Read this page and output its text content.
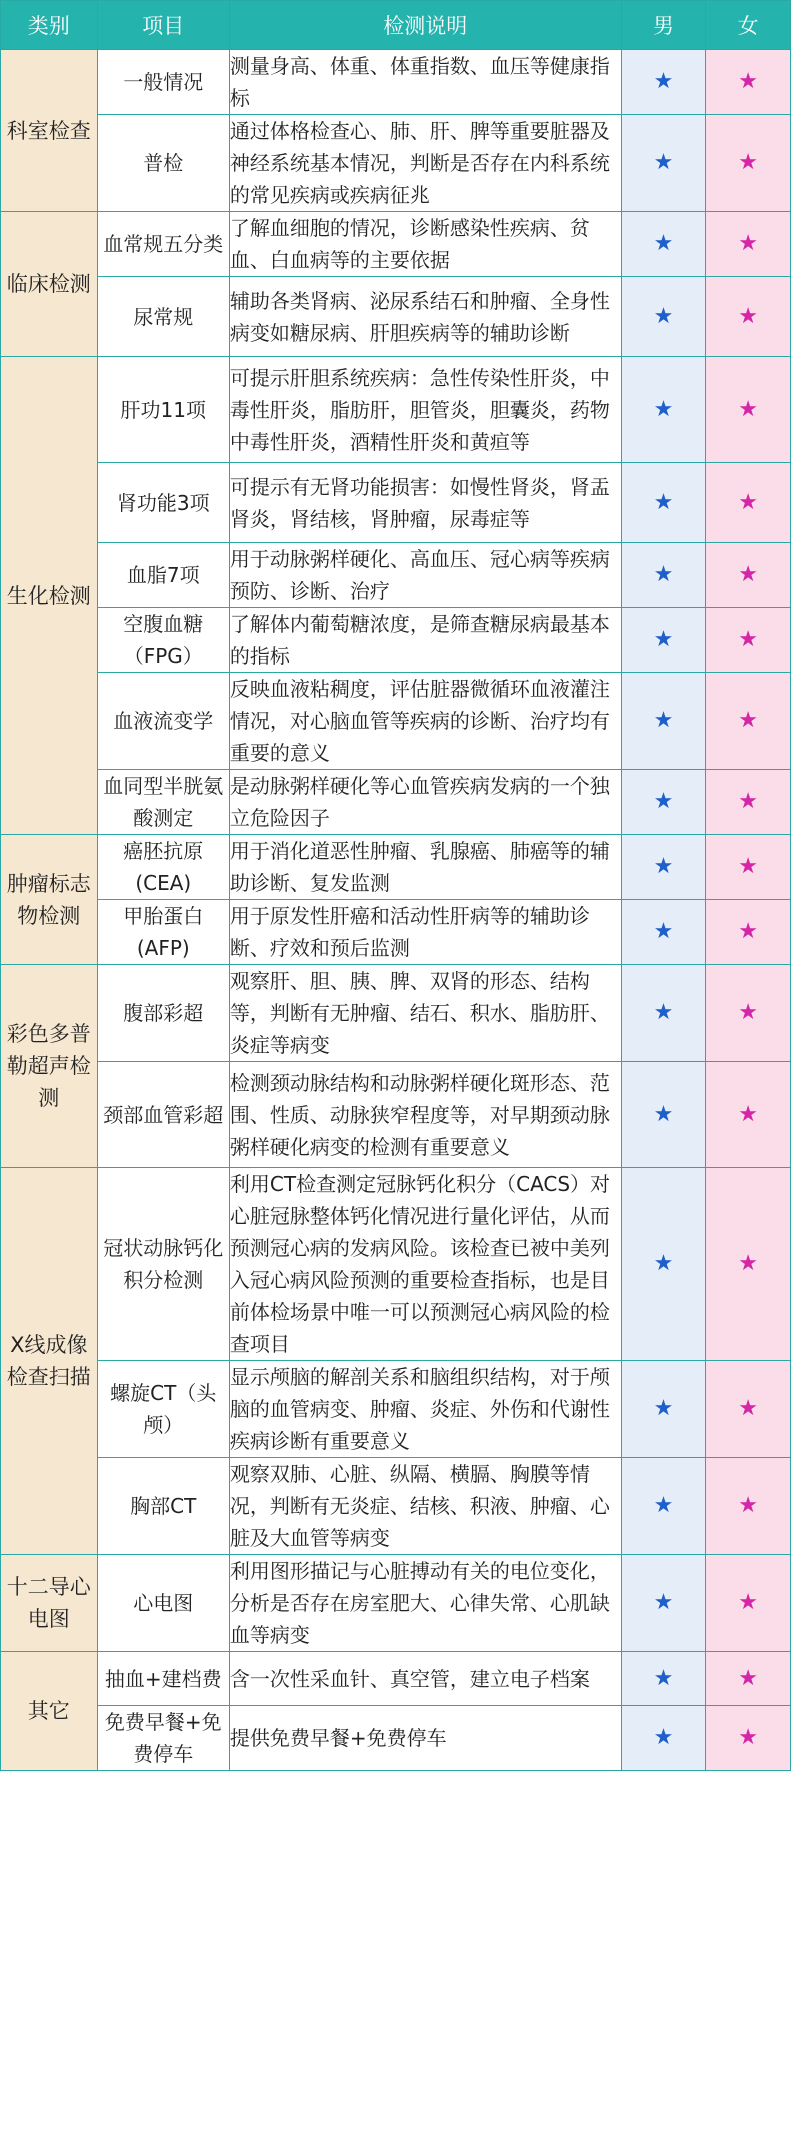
类别	项目	检测说明	男	女
科室检查	一般情况	测量身高、体重、体重指数、血压等健康指标	★	★
	普检	通过体格检查心、肺、肝、脾等重要脏器及神经系统基本情况，判断是否存在内科系统的常见疾病或疾病征兆	★	★
临床检测	血常规五分类	了解血细胞的情况，诊断感染性疾病、贫血、白血病等的主要依据	★	★
	尿常规	辅助各类肾病、泌尿系结石和肿瘤、全身性病变如糖尿病、肝胆疾病等的辅助诊断	★	★
生化检测	肝功11项	可提示肝胆系统疾病：急性传染性肝炎，中毒性肝炎，脂肪肝，胆管炎，胆囊炎，药物中毒性肝炎，酒精性肝炎和黄疸等	★	★
	肾功能3项	可提示有无肾功能损害：如慢性肾炎，肾盂肾炎，肾结核，肾肿瘤，尿毒症等	★	★
	血脂7项	用于动脉粥样硬化、高血压、冠心病等疾病预防、诊断、治疗	★	★
	空腹血糖（FPG）	了解体内葡萄糖浓度，是筛查糖尿病最基本的指标	★	★
	血液流变学	反映血液粘稠度，评估脏器微循环血液灌注情况，对心脑血管等疾病的诊断、治疗均有重要的意义	★	★
	血同型半胱氨酸测定	是动脉粥样硬化等心血管疾病发病的一个独立危险因子	★	★
肿瘤标志物检测	癌胚抗原(CEA)	用于消化道恶性肿瘤、乳腺癌、肺癌等的辅助诊断、复发监测	★	★
	甲胎蛋白(AFP)	用于原发性肝癌和活动性肝病等的辅助诊断、疗效和预后监测	★	★
彩色多普勒超声检测	腹部彩超	观察肝、胆、胰、脾、双肾的形态、结构等，判断有无肿瘤、结石、积水、脂肪肝、炎症等病变	★	★
	颈部血管彩超	检测颈动脉结构和动脉粥样硬化斑形态、范围、性质、动脉狭窄程度等，对早期颈动脉粥样硬化病变的检测有重要意义	★	★
X线成像检查扫描	冠状动脉钙化积分检测	利用CT检查测定冠脉钙化积分（CACS）对心脏冠脉整体钙化情况进行量化评估，从而预测冠心病的发病风险。该检查已被中美列入冠心病风险预测的重要检查指标，也是目前体检场景中唯一可以预测冠心病风险的检查项目	★	★
	螺旋CT（头颅）	显示颅脑的解剖关系和脑组织结构，对于颅脑的血管病变、肿瘤、炎症、外伤和代谢性疾病诊断有重要意义	★	★
	胸部CT	观察双肺、心脏、纵隔、横膈、胸膜等情况，判断有无炎症、结核、积液、肿瘤、心脏及大血管等病变	★	★
十二导心电图	心电图	利用图形描记与心脏搏动有关的电位变化，分析是否存在房室肥大、心律失常、心肌缺血等病变	★	★
其它	抽血+建档费	含一次性采血针、真空管，建立电子档案	★	★
	免费早餐+免费停车	提供免费早餐+免费停车	★	★
